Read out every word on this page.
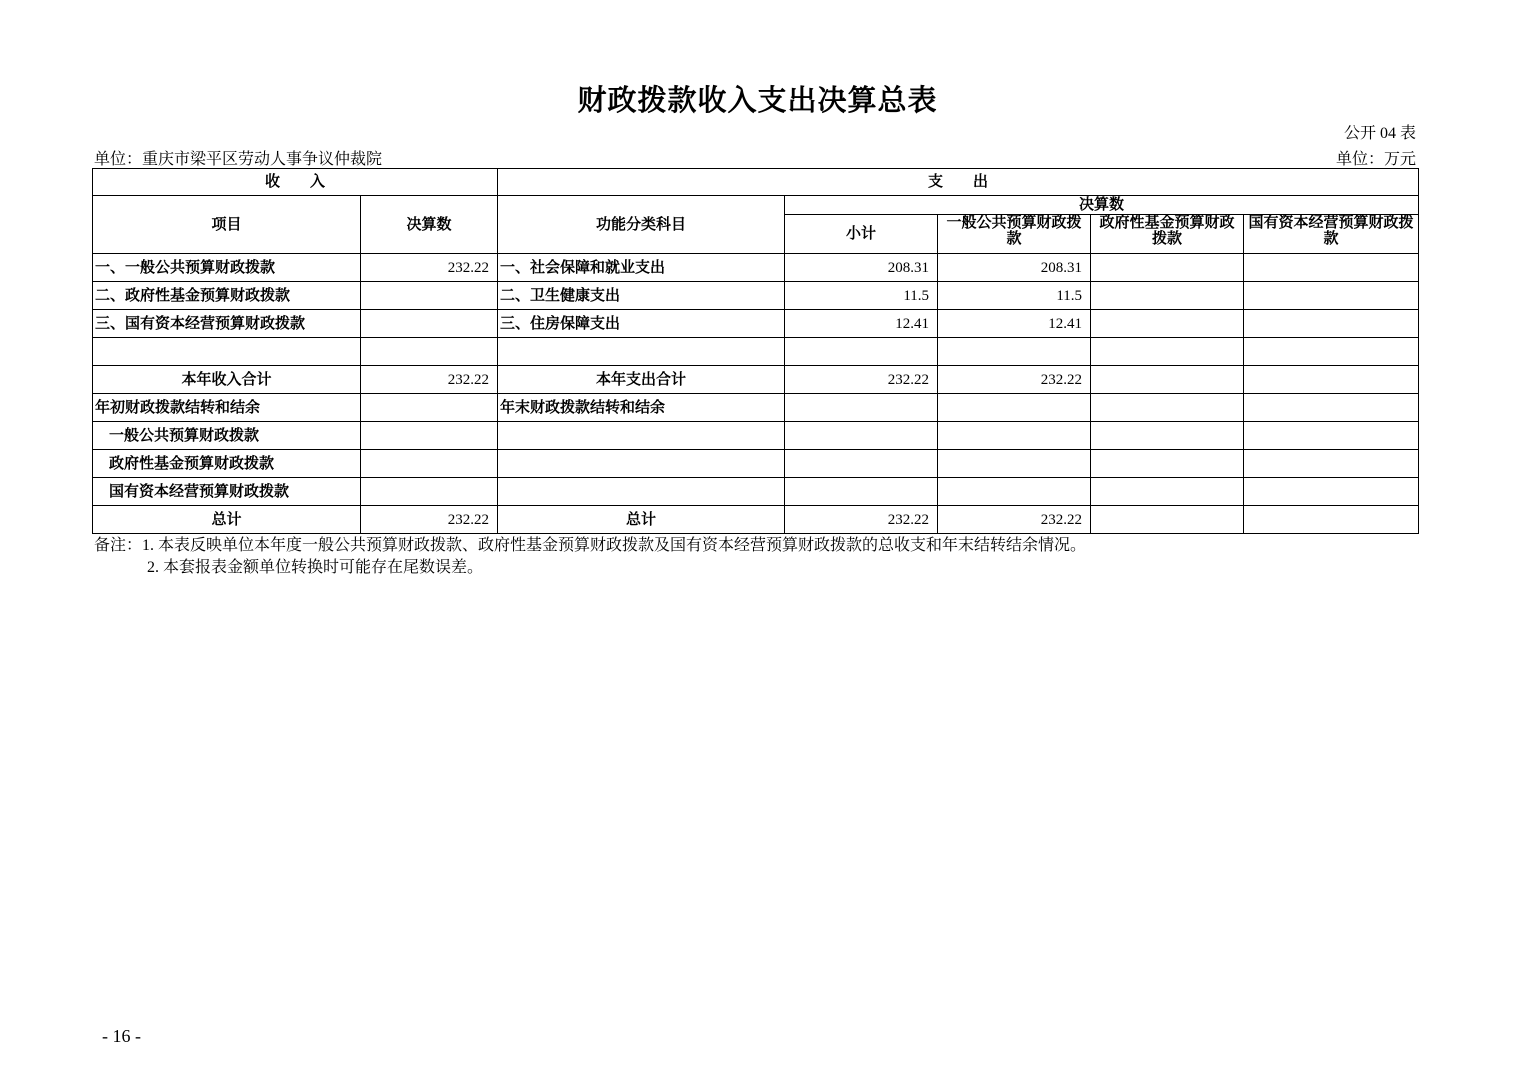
财政拨款收入支出决算总表
公开 04 表
单位：重庆市梁平区劳动人事争议仲裁院	单位：万元
收　　入		支　　出				
项目	决算数	功能分类科目	决算数			
			小计	一般公共预算财政拨款	政府性基金预算财政拨款	国有资本经营预算财政拨款
一、一般公共预算财政拨款	232.22	一、社会保障和就业支出	208.31	208.31		
二、政府性基金预算财政拨款		二、卫生健康支出	11.5	11.5		
三、国有资本经营预算财政拨款		三、住房保障支出	12.41	12.41		

本年收入合计	232.22	本年支出合计	232.22	232.22		
年初财政拨款结转和结余		年末财政拨款结转和结余				
一般公共预算财政拨款						
政府性基金预算财政拨款						
国有资本经营预算财政拨款						
总计	232.22	总计	232.22	232.22		
备注：1. 本表反映单位本年度一般公共预算财政拨款、政府性基金预算财政拨款及国有资本经营预算财政拨款的总收支和年末结转结余情况。
2. 本套报表金额单位转换时可能存在尾数误差。
- 16 -
